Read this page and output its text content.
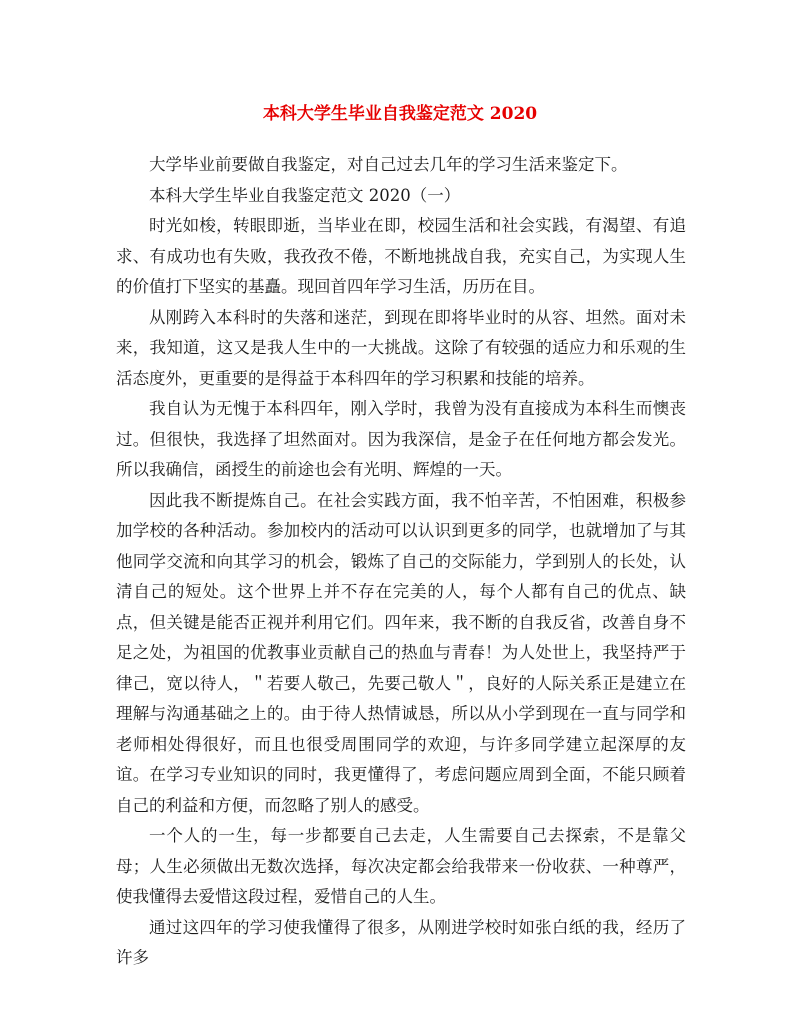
本科大学生毕业自我鉴定范文 2020

大学毕业前要做自我鉴定，对自己过去几年的学习生活来鉴定下。

本科大学生毕业自我鉴定范文 2020（一）

时光如梭，转眼即逝，当毕业在即，校园生活和社会实践，有渴望、有追求、有成功也有失败，我孜孜不倦，不断地挑战自我，充实自己，为实现人生的价值打下坚实的基矗。现回首四年学习生活，历历在目。

从刚跨入本科时的失落和迷茫，到现在即将毕业时的从容、坦然。面对未来，我知道，这又是我人生中的一大挑战。这除了有较强的适应力和乐观的生活态度外，更重要的是得益于本科四年的学习积累和技能的培养。

我自认为无愧于本科四年，刚入学时，我曾为没有直接成为本科生而懊丧过。但很快，我选择了坦然面对。因为我深信，是金子在任何地方都会发光。所以我确信，函授生的前途也会有光明、辉煌的一天。

因此我不断提炼自己。在社会实践方面，我不怕辛苦，不怕困难，积极参加学校的各种活动。参加校内的活动可以认识到更多的同学，也就增加了与其他同学交流和向其学习的机会，锻炼了自己的交际能力，学到别人的长处，认清自己的短处。这个世界上并不存在完美的人，每个人都有自己的优点、缺点，但关键是能否正视并利用它们。四年来，我不断的自我反省，改善自身不足之处，为祖国的优教事业贡献自己的热血与青春！为人处世上，我坚持严于律己，宽以待人，＂若要人敬己，先要己敬人＂，良好的人际关系正是建立在理解与沟通基础之上的。由于待人热情诚恳，所以从小学到现在一直与同学和老师相处得很好，而且也很受周围同学的欢迎，与许多同学建立起深厚的友谊。在学习专业知识的同时，我更懂得了，考虑问题应周到全面，不能只顾着自己的利益和方便，而忽略了别人的感受。

一个人的一生，每一步都要自己去走，人生需要自己去探索，不是靠父母；人生必须做出无数次选择，每次决定都会给我带来一份收获、一种尊严，使我懂得去爱惜这段过程，爱惜自己的人生。

通过这四年的学习使我懂得了很多，从刚进学校时如张白纸的我，经历了许多
